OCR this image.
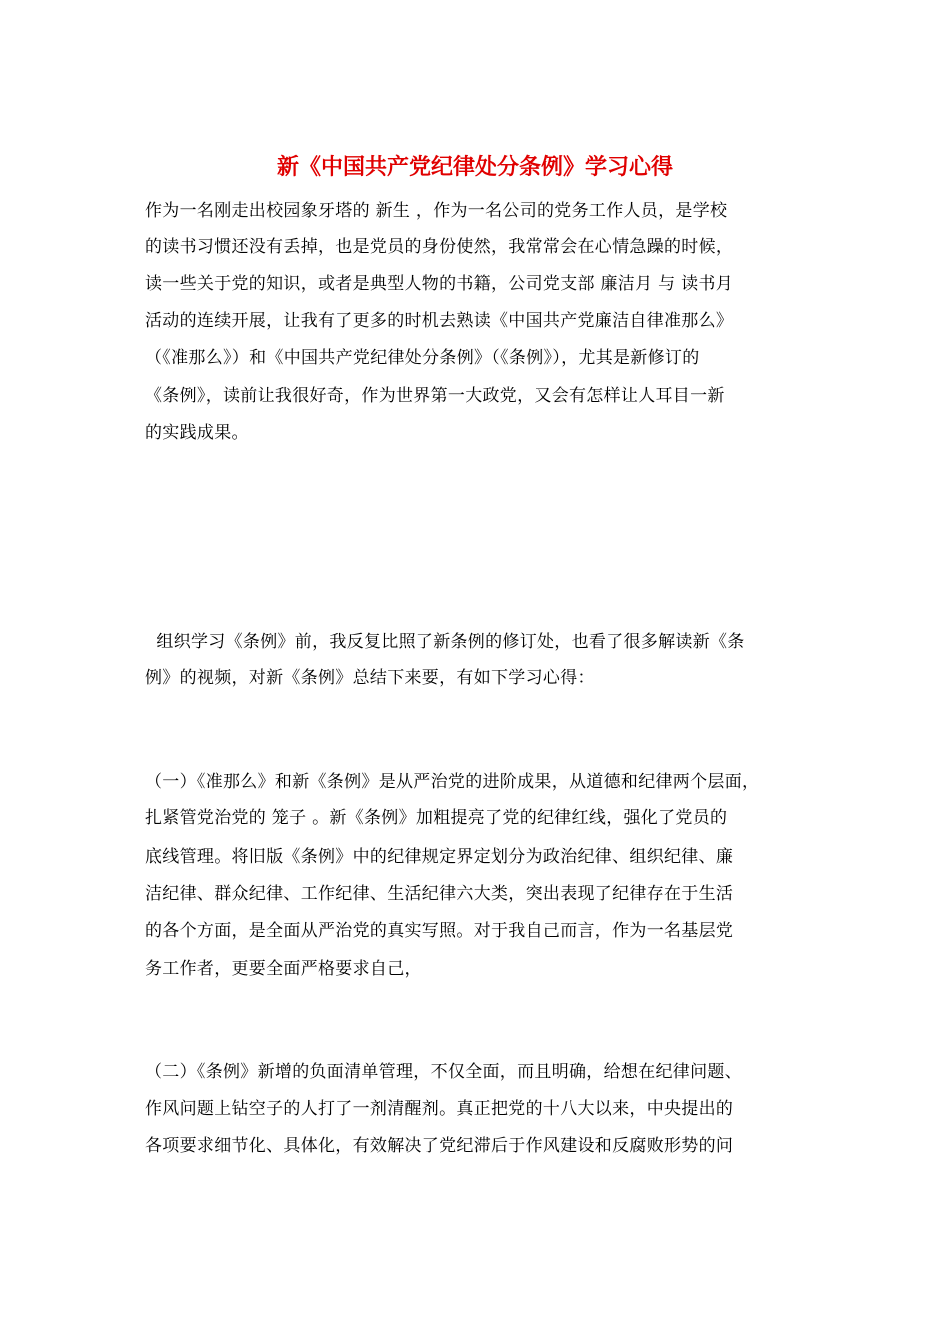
新《中国共产党纪律处分条例》学习心得
作为一名刚走出校园象牙塔的 新生 ，作为一名公司的党务工作人员，是学校
的读书习惯还没有丢掉，也是党员的身份使然，我常常会在心情急躁的时候，
读一些关于党的知识，或者是典型人物的书籍，公司党支部 廉洁月 与 读书月
活动的连续开展，让我有了更多的时机去熟读《中国共产党廉洁自律准那么》
（《准那么》）和《中国共产党纪律处分条例》（《条例》），尤其是新修订的
《条例》，读前让我很好奇，作为世界第一大政党，又会有怎样让人耳目一新
的实践成果。
组织学习《条例》前，我反复比照了新条例的修订处，也看了很多解读新《条
例》的视频，对新《条例》总结下来要，有如下学习心得：
（一）《准那么》和新《条例》是从严治党的进阶成果，从道德和纪律两个层面，
扎紧管党治党的 笼子 。新《条例》加粗提亮了党的纪律红线，强化了党员的
底线管理。将旧版《条例》中的纪律规定界定划分为政治纪律、组织纪律、廉
洁纪律、群众纪律、工作纪律、生活纪律六大类，突出表现了纪律存在于生活
的各个方面，是全面从严治党的真实写照。对于我自己而言，作为一名基层党
务工作者，更要全面严格要求自己，
（二）《条例》新增的负面清单管理，不仅全面，而且明确，给想在纪律问题、
作风问题上钻空子的人打了一剂清醒剂。真正把党的十八大以来，中央提出的
各项要求细节化、具体化，有效解决了党纪滞后于作风建设和反腐败形势的问
